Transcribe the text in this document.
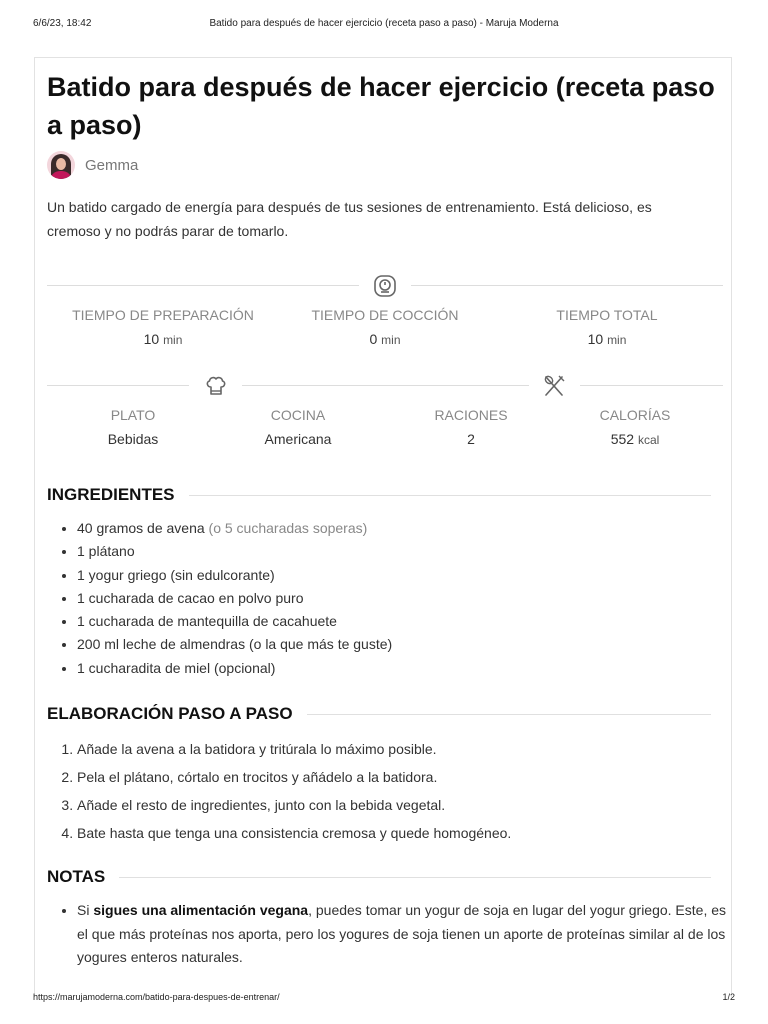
6/6/23, 18:42	Batido para después de hacer ejercicio (receta paso a paso) - Maruja Moderna
Batido para después de hacer ejercicio (receta paso a paso)
Gemma

Un batido cargado de energía para después de tus sesiones de entrenamiento. Está delicioso, es cremoso y no podrás parar de tomarlo.

TIEMPO DE PREPARACIÓN
10 min
TIEMPO DE COCCIÓN
0 min
TIEMPO TOTAL
10 min
PLATO
Bebidas
COCINA
Americana
RACIONES
2
CALORÍAS
552 kcal
INGREDIENTES
• 40 gramos de avena (o 5 cucharadas soperas)
• 1 plátano
• 1 yogur griego (sin edulcorante)
• 1 cucharada de cacao en polvo puro
• 1 cucharada de mantequilla de cacahuete
• 200 ml leche de almendras (o la que más te guste)
• 1 cucharadita de miel (opcional)
ELABORACIÓN PASO A PASO
1. Añade la avena a la batidora y tritúrala lo máximo posible.
2. Pela el plátano, córtalo en trocitos y añádelo a la batidora.
3. Añade el resto de ingredientes, junto con la bebida vegetal.
4. Bate hasta que tenga una consistencia cremosa y quede homogéneo.
NOTAS
• Si sigues una alimentación vegana, puedes tomar un yogur de soja en lugar del yogur griego. Este, es el que más proteínas nos aporta, pero los yogures de soja tienen un aporte de proteínas similar al de los yogures enteros naturales.
https://marujamoderna.com/batido-para-despues-de-entrenar/	1/2
